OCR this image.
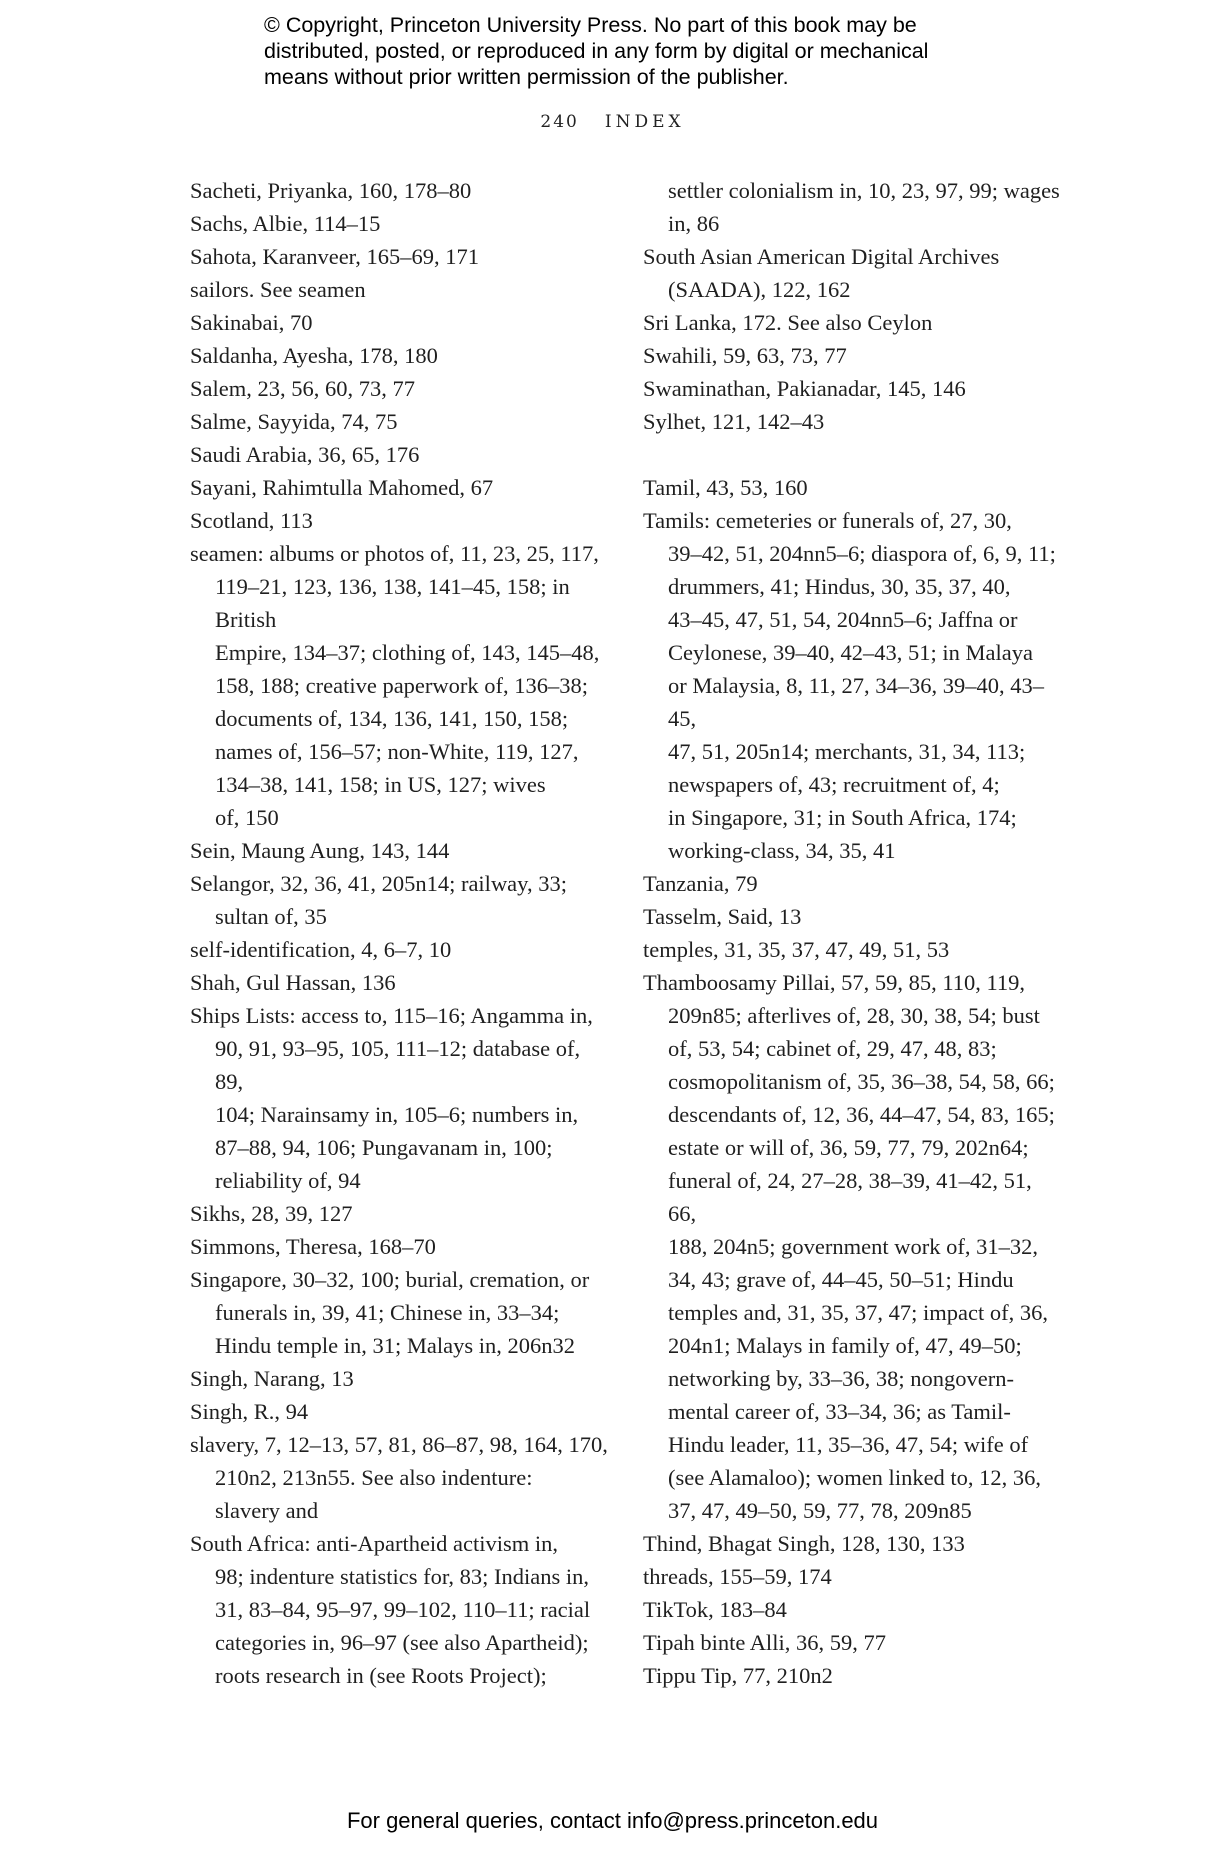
© Copyright, Princeton University Press. No part of this book may be distributed, posted, or reproduced in any form by digital or mechanical means without prior written permission of the publisher.
240 INDEX
Sacheti, Priyanka, 160, 178–80
Sachs, Albie, 114–15
Sahota, Karanveer, 165–69, 171
sailors. See seamen
Sakinabai, 70
Saldanha, Ayesha, 178, 180
Salem, 23, 56, 60, 73, 77
Salme, Sayyida, 74, 75
Saudi Arabia, 36, 65, 176
Sayani, Rahimtulla Mahomed, 67
Scotland, 113
seamen: albums or photos of, 11, 23, 25, 117,
119–21, 123, 136, 138, 141–45, 158; in British
Empire, 134–37; clothing of, 143, 145–48,
158, 188; creative paperwork of, 136–38;
documents of, 134, 136, 141, 150, 158;
names of, 156–57; non-White, 119, 127,
134–38, 141, 158; in US, 127; wives
of, 150
Sein, Maung Aung, 143, 144
Selangor, 32, 36, 41, 205n14; railway, 33;
sultan of, 35
self-identification, 4, 6–7, 10
Shah, Gul Hassan, 136
Ships Lists: access to, 115–16; Angamma in,
90, 91, 93–95, 105, 111–12; database of, 89,
104; Narainsamy in, 105–6; numbers in,
87–88, 94, 106; Pungavanam in, 100;
reliability of, 94
Sikhs, 28, 39, 127
Simmons, Theresa, 168–70
Singapore, 30–32, 100; burial, cremation, or
funerals in, 39, 41; Chinese in, 33–34;
Hindu temple in, 31; Malays in, 206n32
Singh, Narang, 13
Singh, R., 94
slavery, 7, 12–13, 57, 81, 86–87, 98, 164, 170,
210n2, 213n55. See also indenture:
slavery and
South Africa: anti-Apartheid activism in,
98; indenture statistics for, 83; Indians in,
31, 83–84, 95–97, 99–102, 110–11; racial
categories in, 96–97 (see also Apartheid);
roots research in (see Roots Project);
settler colonialism in, 10, 23, 97, 99; wages
in, 86
South Asian American Digital Archives
(SAADA), 122, 162
Sri Lanka, 172. See also Ceylon
Swahili, 59, 63, 73, 77
Swaminathan, Pakianadar, 145, 146
Sylhet, 121, 142–43
Tamil, 43, 53, 160
Tamils: cemeteries or funerals of, 27, 30,
39–42, 51, 204nn5–6; diaspora of, 6, 9, 11;
drummers, 41; Hindus, 30, 35, 37, 40,
43–45, 47, 51, 54, 204nn5–6; Jaffna or
Ceylonese, 39–40, 42–43, 51; in Malaya
or Malaysia, 8, 11, 27, 34–36, 39–40, 43–45,
47, 51, 205n14; merchants, 31, 34, 113;
newspapers of, 43; recruitment of, 4;
in Singapore, 31; in South Africa, 174;
working-class, 34, 35, 41
Tanzania, 79
Tasselm, Said, 13
temples, 31, 35, 37, 47, 49, 51, 53
Thamboosamy Pillai, 57, 59, 85, 110, 119,
209n85; afterlives of, 28, 30, 38, 54; bust
of, 53, 54; cabinet of, 29, 47, 48, 83;
cosmopolitanism of, 35, 36–38, 54, 58, 66;
descendants of, 12, 36, 44–47, 54, 83, 165;
estate or will of, 36, 59, 77, 79, 202n64;
funeral of, 24, 27–28, 38–39, 41–42, 51, 66,
188, 204n5; government work of, 31–32,
34, 43; grave of, 44–45, 50–51; Hindu
temples and, 31, 35, 37, 47; impact of, 36,
204n1; Malays in family of, 47, 49–50;
networking by, 33–36, 38; nongovern-
mental career of, 33–34, 36; as Tamil-
Hindu leader, 11, 35–36, 47, 54; wife of
(see Alamaloo); women linked to, 12, 36,
37, 47, 49–50, 59, 77, 78, 209n85
Thind, Bhagat Singh, 128, 130, 133
threads, 155–59, 174
TikTok, 183–84
Tipah binte Alli, 36, 59, 77
Tippu Tip, 77, 210n2
For general queries, contact info@press.princeton.edu
